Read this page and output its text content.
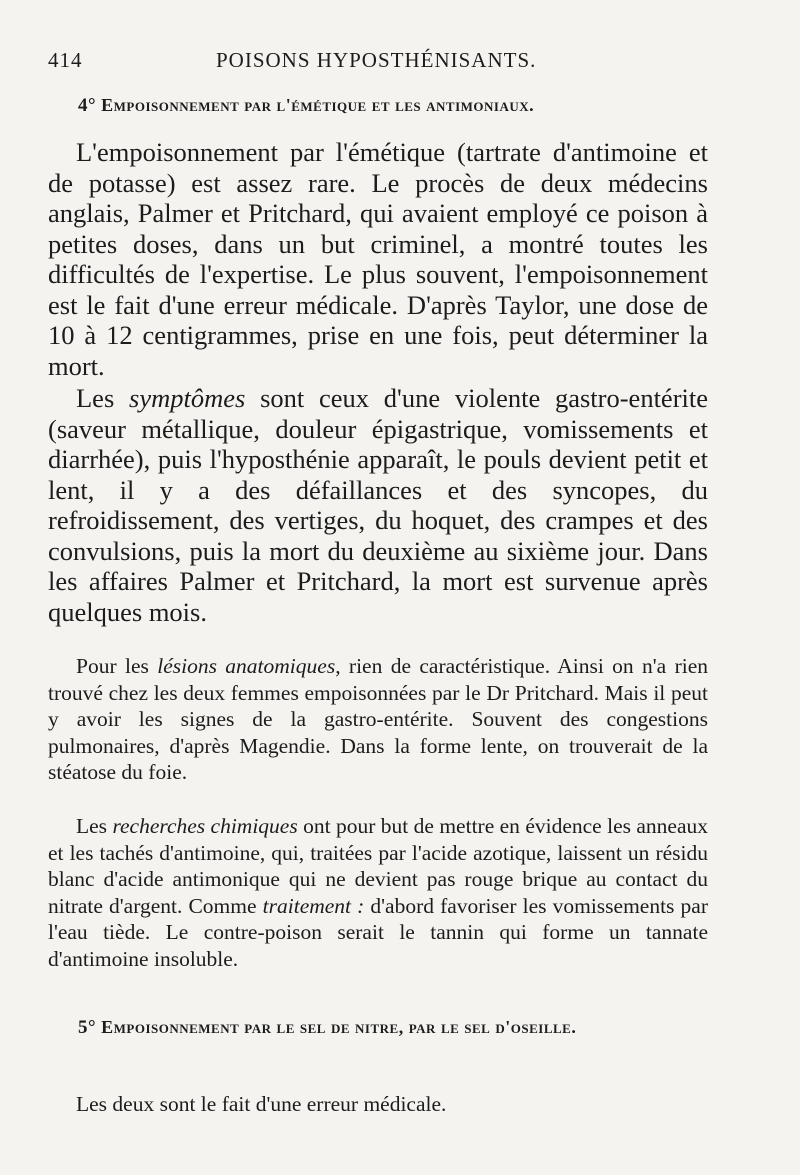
414	POISONS HYPOSTHÉNISANTS.
4° Empoisonnement par l'émétique et les antimoniaux.

L'empoisonnement par l'émétique (tartrate d'antimoine et de potasse) est assez rare. Le procès de deux médecins anglais, Palmer et Pritchard, qui avaient employé ce poison à petites doses, dans un but criminel, a montré toutes les difficultés de l'expertise. Le plus souvent, l'empoisonnement est le fait d'une erreur médicale. D'après Taylor, une dose de 10 à 12 centigrammes, prise en une fois, peut déterminer la mort.

Les symptômes sont ceux d'une violente gastro-entérite (saveur métallique, douleur épigastrique, vomissements et diarrhée), puis l'hyposthénie apparaît, le pouls devient petit et lent, il y a des défaillances et des syncopes, du refroidissement, des vertiges, du hoquet, des crampes et des convulsions, puis la mort du deuxième au sixième jour. Dans les affaires Palmer et Pritchard, la mort est survenue après quelques mois.

Pour les lésions anatomiques, rien de caractéristique. Ainsi on n'a rien trouvé chez les deux femmes empoisonnées par le Dr Pritchard. Mais il peut y avoir les signes de la gastro-entérite. Souvent des congestions pulmonaires, d'après Magendie. Dans la forme lente, on trouverait de la stéatose du foie.

Les recherches chimiques ont pour but de mettre en évidence les anneaux et les tachés d'antimoine, qui, traitées par l'acide azotique, laissent un résidu blanc d'acide antimonique qui ne devient pas rouge brique au contact du nitrate d'argent. Comme traitement : d'abord favoriser les vomissements par l'eau tiède. Le contre-poison serait le tannin qui forme un tannate d'antimoine insoluble.

5° Empoisonnement par le sel de nitre, par le sel d'oseille.

Les deux sont le fait d'une erreur médicale.
